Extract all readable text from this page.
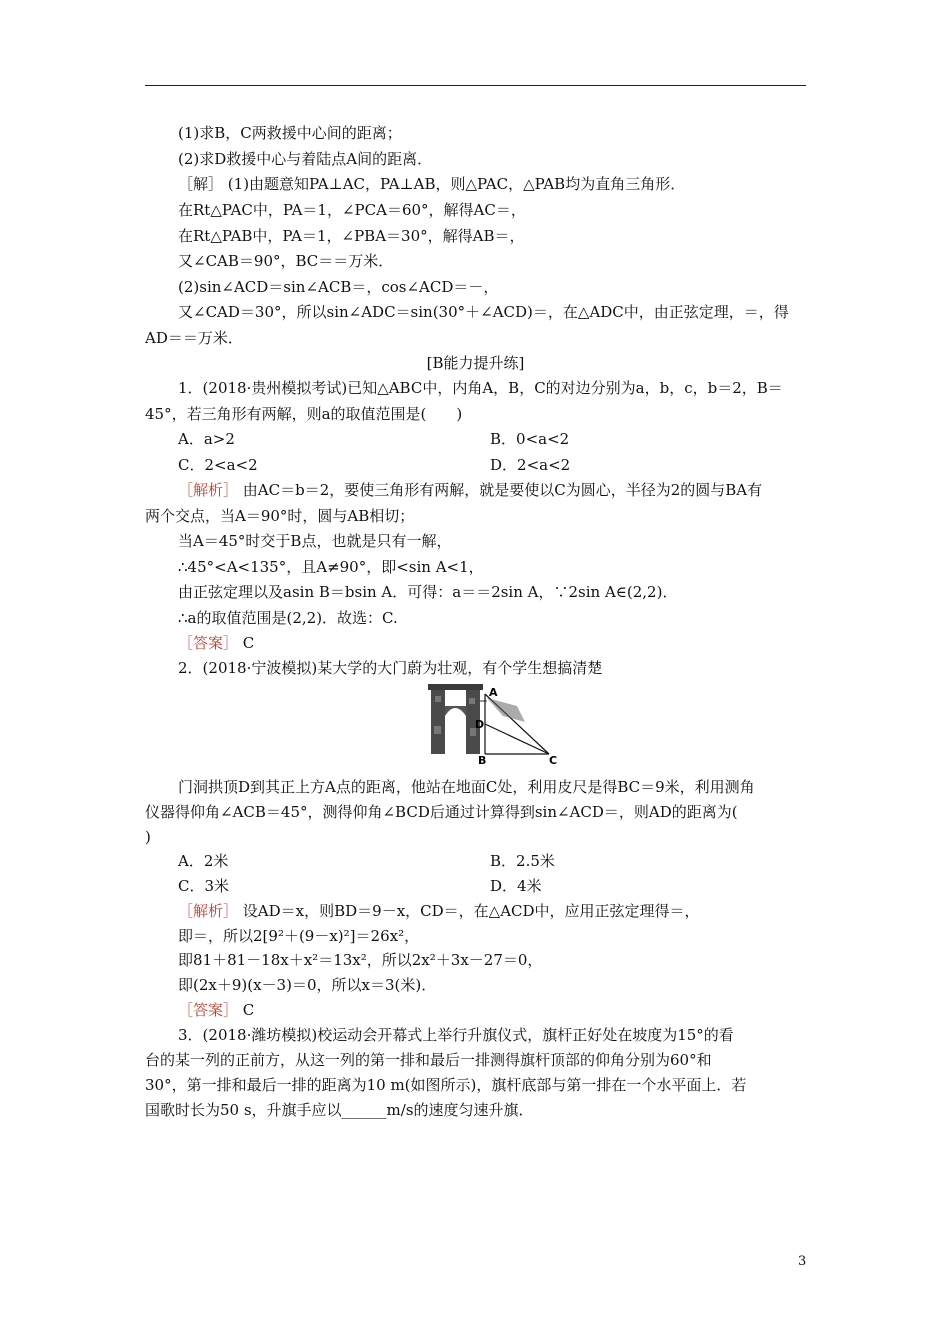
(1)求B，C两救援中心间的距离；
(2)求D救援中心与着陆点A间的距离．
［解］ (1)由题意知PA⊥AC，PA⊥AB，则△PAC，△PAB均为直角三角形．
在Rt△PAC中，PA＝1，∠PCA＝60°，解得AC＝，
在Rt△PAB中，PA＝1，∠PBA＝30°，解得AB＝，
又∠CAB＝90°，BC＝＝万米．
(2)sin∠ACD＝sin∠ACB＝，cos∠ACD＝－，
又∠CAD＝30°，所以sin∠ADC＝sin(30°＋∠ACD)＝，在△ADC中，由正弦定理，＝，得
AD＝＝万米．
[B能力提升练]
1．(2018·贵州模拟考试)已知△ABC中，内角A，B，C的对边分别为a，b，c，b＝2，B＝
45°，若三角形有两解，则a的取值范围是(　　)
A．a>2	B．0<a<2
C．2<a<2	D．2<a<2
［解析］ 由AC＝b＝2，要使三角形有两解，就是要使以C为圆心，半径为2的圆与BA有
两个交点，当A＝90°时，圆与AB相切；
当A＝45°时交于B点，也就是只有一解，
∴45°<A<135°，且A≠90°，即<sin A<1，
由正弦定理以及asin B＝bsin A．可得：a＝＝2sin A，∵2sin A∈(2,2)．
∴a的取值范围是(2,2)．故选：C.
［答案］ C
2．(2018·宁波模拟)某大学的大门蔚为壮观，有个学生想搞清楚
A
D
B	C
门洞拱顶D到其正上方A点的距离，他站在地面C处，利用皮尺是得BC＝9米，利用测角
仪器得仰角∠ACB＝45°，测得仰角∠BCD后通过计算得到sin∠ACD＝，则AD的距离为(
)
A．2米	B．2.5米
C．3米	D．4米
［解析］ 设AD＝x，则BD＝9－x，CD＝，在△ACD中，应用正弦定理得＝，
即＝，所以2[9²＋(9－x)²]＝26x²，
即81＋81－18x＋x²＝13x²，所以2x²＋3x－27＝0，
即(2x＋9)(x－3)＝0，所以x＝3(米)．
［答案］ C
3．(2018·潍坊模拟)校运动会开幕式上举行升旗仪式，旗杆正好处在坡度为15°的看
台的某一列的正前方，从这一列的第一排和最后一排测得旗杆顶部的仰角分别为60°和
30°，第一排和最后一排的距离为10 m(如图所示)，旗杆底部与第一排在一个水平面上．若
国歌时长为50 s，升旗手应以______m/s的速度匀速升旗．
3
